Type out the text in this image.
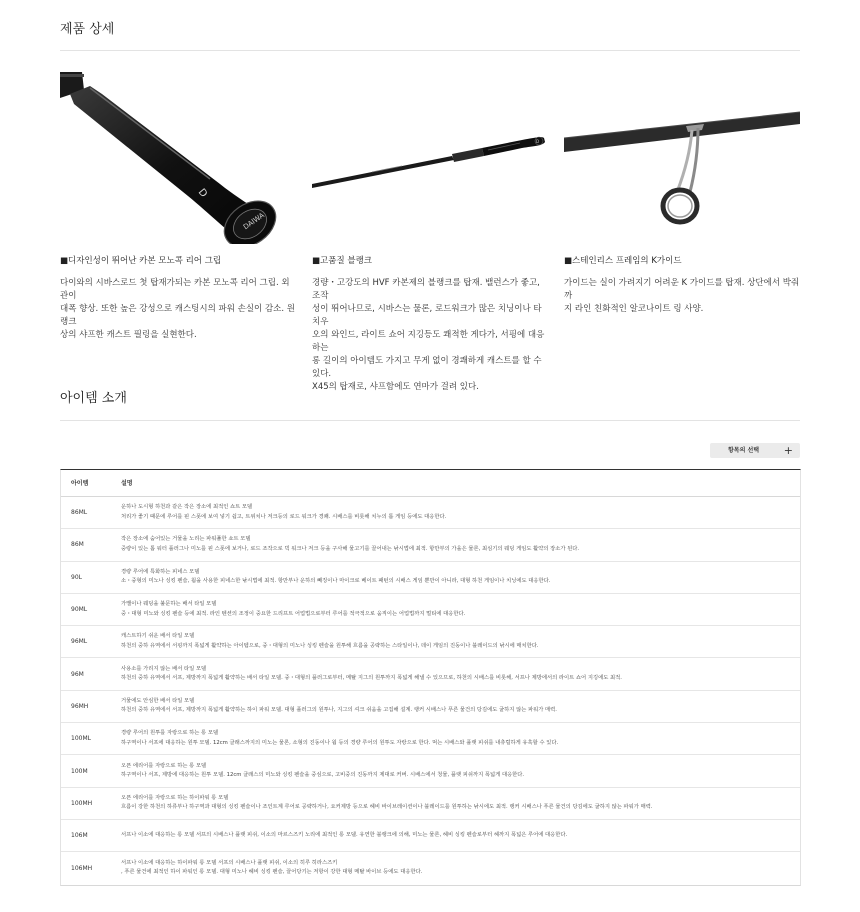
제품 상세
DAIWA
D
■디자인성이 뛰어난 카본 모노콕 리어 그립
다이와의 시바스로드 첫 탑재가되는 카본 모노콕 리어 그립. 외관이
대폭 향상. 또한 높은 강성으로 캐스팅시의 파워 손실이 감소. 원랭크
상의 샤프한 캐스트 필링을 실현한다.
D
■고품질 블랭크
경량・고강도의 HVF 카본제의 블랭크를 탑재. 밸런스가 좋고, 조작
성이 뛰어나므로, 시바스는 물론, 로드워크가 많은 치닝이나 타치우
오의 와인드, 라이트 쇼어 지깅등도 쾌적한 게다가, 서핑에 대응하는
롱 길이의 아이템도 가지고 무게 없이 경쾌하게 캐스트를 할 수 있다.
X45의 탑재로, 샤프함에도 연마가 걸려 있다.
■스테인리스 프레임의 K가이드
가이드는 실이 가려지기 어려운 K 가이드를 탑재. 상단에서 박줘까
지 라인 친화적인 알코나이트 링 사양.
아이템 소개
항목의 선택 +
아이템	설명
86ML
운하나 도시형 하천과 같은 작은 장소에 최적인 쇼트 모델
처리가 좋기 때문에 루어를 핀 스폿에 보여 넣기 쉽고, 트위치나 저크등의 로드 워크가 경쾌. 시배스를 비롯해 치누의 톱 게임 등에도 대응한다.
86M
작은 장소에 숨어있는 거물을 노리는 파워풀한 쇼트 모델
중량이 있는 톱 워터 플러그나 미노를 핀 스폿에 보거나, 로드 조작으로 빅 워크나 저크 등을 구사해 물고기를 끌어내는 낚시법에 최적. 항만부의 가을은 물론, 최심기의 웨딩 게임도 활약의 장소가 된다.
90L
경량 루어에 특화하는 피네스 모델
소・중형의 미노나 싱킹 펜슬, 웜을 사용한 피네스한 낚시법에 최적. 항만부나 운하의 빼징이나 마이크로 베이트 패턴의 시배스 게임 뿐만이 아니라, 대형 하천 게임이나 치닝에도 대응한다.
90ML
가밸이나 웨딩을 불문하는 배서 타일 모델
중・대형 미노와 싱킹 펜슬 등에 최적. 라인 텐션의 조정이 중요한 드리프트 어업법으로부터 루어를 적극적으로 움직이는 어업법까지 멀티에 대응한다.
96ML
캐스트하기 쉬운 배서 타일 모델
하천의 중하 유역에서 서핑까지 폭넓게 활약하는 아이템으로, 중・대형의 미노나 싱킹 펜슬을 원투해 흐름을 공략하는 스타일이나, 데이 게임의 진동이나 블레이드의 낚시에 매치한다.
96M
사용소를 가리지 않는 배서 타일 모델
하천의 중하 유역에서 서프, 제방까지 폭넓게 활약하는 배서 타일 모델. 중・대형의 플러그로부터, 메탈 지그의 원투까지 폭넓게 해낼 수 있으므로, 하천의 시배스를 비롯해, 서프나 제방에서의 라이트 쇼어 지깅에도 최적.
96MH
거물에도 안심한 배서 타일 모델
하천의 중하 유역에서 서프, 제방까지 폭넓게 활약하는 하이 파워 모델. 대형 플러그의 원투나, 지그의 셔크 쉬움을 고집해 설계. 랭커 시배스나 푸른 물건의 당김에도 굴하지 않는 파워가 매력.
100ML
경량 루어의 원투를 자랑으로 하는 롱 모델
하구역이나 서프에 대응하는 원투 모델. 12cm 클래스까지의 미노는 물론, 소형의 진동이나 웜 등의 경량 루어의 원투도 자랑으로 한다. 먹는 시배스와 플랫 피쉬를 내츄럴하게 유혹할 수 있다.
100M
오픈 에리어를 자랑으로 하는 롱 모델
하구역이나 서프, 제방에 대응하는 원투 모델. 12cm 클래스의 미노와 싱킹 펜슬을 중심으로, 고비중의 진동까지 제대로 커버. 시배스에서 청물, 플랫 피쉬까지 폭넓게 대응한다.
100MH
오픈 에리어를 자랑으로 하는 하이파워 롱 모델
흐름이 강한 하천의 하류부나 하구역과 대형의 싱킹 펜슬이나 조인트계 루어로 공략하거나, 요커제방 등으로 헤비 바이브레이션이나 블레이드를 원투하는 낚시에도 최적. 랭커 시배스나 푸른 물건의 당김에도 굴하지 않는 파워가 매력.
106M	서프나 이소에 대응하는 롱 모델 서프의 시배스나 플랫 피쉬, 이소의 마르스즈키 노리에 최적인 롱 모델. 유연한 블랭크에 의해, 미노는 물론, 헤비 싱킹 펜슬로부터 헤까지 폭넓은 루어에 대응한다.
106MH
서프나 이소에 대응하는 하이파워 롱 모델 서프의 시배스나 플랫 피쉬, 이소의 히루 히라스즈키
, 푸른 물건에 최적인 하이 파워인 롱 모델. 대형 미노나 헤비 싱킹 펜슬, 끌어당기는 저항이 강한 대형 메탈 바이브 등에도 대응한다.
